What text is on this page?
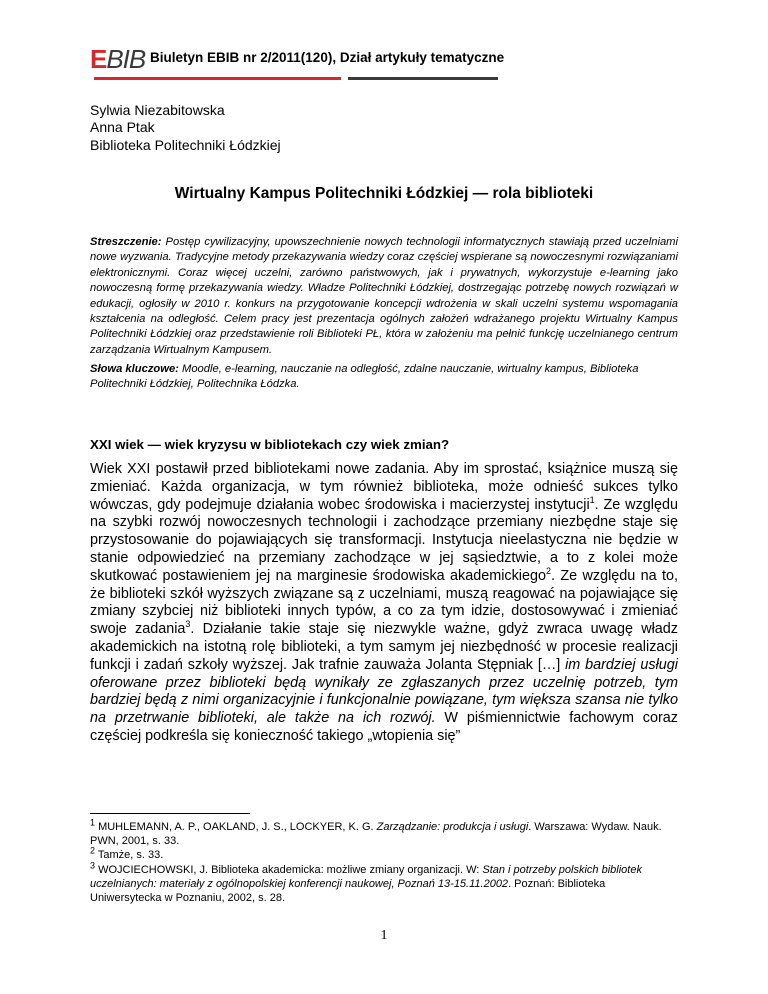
EBIB Biuletyn EBIB nr 2/2011(120), Dział artykuły tematyczne
Sylwia Niezabitowska
Anna Ptak
Biblioteka Politechniki Łódzkiej
Wirtualny Kampus Politechniki Łódzkiej — rola biblioteki
Streszczenie: Postęp cywilizacyjny, upowszechnienie nowych technologii informatycznych stawiają przed uczelniami nowe wyzwania. Tradycyjne metody przekazywania wiedzy coraz częściej wspierane są nowoczesnymi rozwiązaniami elektronicznymi. Coraz więcej uczelni, zarówno państwowych, jak i prywatnych, wykorzystuje e-learning jako nowoczesną formę przekazywania wiedzy. Władze Politechniki Łódzkiej, dostrzegając potrzebę nowych rozwiązań w edukacji, ogłosiły w 2010 r. konkurs na przygotowanie koncepcji wdrożenia w skali uczelni systemu wspomagania kształcenia na odległość. Celem pracy jest prezentacja ogólnych założeń wdrażanego projektu Wirtualny Kampus Politechniki Łódzkiej oraz przedstawienie roli Biblioteki PŁ, która w założeniu ma pełnić funkcję uczelnianego centrum zarządzania Wirtualnym Kampusem.
Słowa kluczowe: Moodle, e-learning, nauczanie na odległość, zdalne nauczanie, wirtualny kampus, Biblioteka Politechniki Łódzkiej, Politechnika Łódzka.
XXI wiek — wiek kryzysu w bibliotekach czy wiek zmian?
Wiek XXI postawił przed bibliotekami nowe zadania. Aby im sprostać, książnice muszą się zmieniać. Każda organizacja, w tym również biblioteka, może odnieść sukces tylko wówczas, gdy podejmuje działania wobec środowiska i macierzystej instytucji$^1$. Ze względu na szybki rozwój nowoczesnych technologii i zachodzące przemiany niezbędne staje się przystosowanie do pojawiających się transformacji. Instytucja nieelastyczna nie będzie w stanie odpowiedzieć na przemiany zachodzące w jej sąsiedztwie, a to z kolei może skutkować postawieniem jej na marginesie środowiska akademickiego$^2$. Ze względu na to, że biblioteki szkół wyższych związane są z uczelniami, muszą reagować na pojawiające się zmiany szybciej niż biblioteki innych typów, a co za tym idzie, dostosowywać i zmieniać swoje zadania$^3$. Działanie takie staje się niezwykle ważne, gdyż zwraca uwagę władz akademickich na istotną rolę biblioteki, a tym samym jej niezbędność w procesie realizacji funkcji i zadań szkoły wyższej. Jak trafnie zauważa Jolanta Stępniak […] im bardziej usługi oferowane przez biblioteki będą wynikały ze zgłaszanych przez uczelnię potrzeb, tym bardziej będą z nimi organizacyjnie i funkcjonalnie powiązane, tym większa szansa nie tylko na przetrwanie biblioteki, ale także na ich rozwój. W piśmiennictwie fachowym coraz częściej podkreśla się konieczność takiego „wtopienia się”
$^1$ MUHLEMANN, A. P., OAKLAND, J. S., LOCKYER, K. G. Zarządzanie: produkcja i usługi. Warszawa: Wydaw. Nauk. PWN, 2001, s. 33.
$^2$ Tamże, s. 33.
$^3$ WOJCIECHOWSKI, J. Biblioteka akademicka: możliwe zmiany organizacji. W: Stan i potrzeby polskich bibliotek uczelnianych: materiały z ogólnopolskiej konferencji naukowej, Poznań 13-15.11.2002. Poznań: Biblioteka Uniwersytecka w Poznaniu, 2002, s. 28.
1
